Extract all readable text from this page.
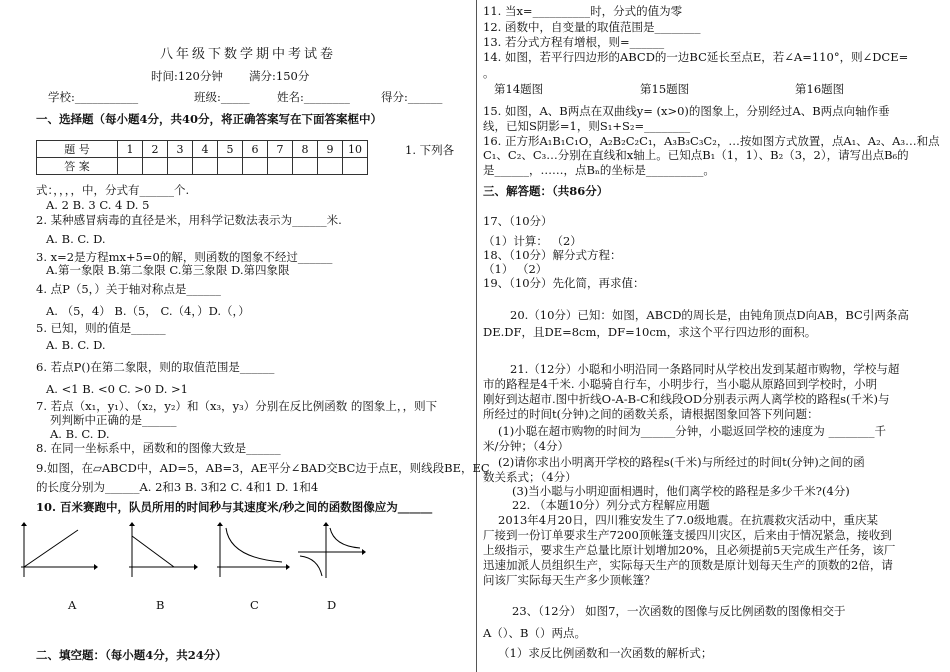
八年级下数学期中考试卷
时间:120分钟 满分:150分
学校:___________	班级:_____ 姓名:________	得分:______
一、选择题（每小题4分，共40分，将正确答案写在下面答案框中）
题 号	1	2	3	4	5	6	7	8	9	10
答 案										
1. 下列各
式：，，，，中，分式有______个.
A. 2 B. 3 C. 4 D. 5
2. 某种感冒病毒的直径是米，用科学记数法表示为______米.
A. B. C. D.
3. x=2是方程mx+5=0的解，则函数的图象不经过______
A.第一象限 B.第二象限 C.第三象限 D.第四象限
4. 点P（5，）关于轴对称点是______
A. （5，4） B.（5， C.（4，）D.（，）
5. 已知，则的值是______
A. B. C. D.
6. 若点P()在第二象限，则的取值范围是______
A. <1 B. <0 C. >0 D. >1
7. 若点（x₁，y₁）、（x₂，y₂）和（x₃，y₃）分别在反比例函数 的图象上，，则下
列判断中正确的是______
A. B. C. D.
8. 在同一坐标系中，函数和的图像大致是______
9.如图，在▱ABCD中，AD=5，AB=3，AE平分∠BAD交BC边于点E，则线段BE，EC
的长度分别为______A. 2和3 B. 3和2 C. 4和1 D. 1和4
10. 百米赛跑中，队员所用的时间秒与其速度米/秒之间的函数图像应为______
A	B	C	D
二、填空题：（每小题4分，共24分）
11. 当x=__________时，分式的值为零
12. 函数中，自变量的取值范围是________
13. 若分式方程有增根，则=______
14. 如图，若平行四边形的ABCD的一边BC延长至点E，若∠A=110°，则∠DCE=
。
第14题图	第15题图	第16题图
15. 如图，A、B两点在双曲线y= (x>0)的图象上，分别经过A、B两点向轴作垂
线，已知S阴影=1，则S₁+S₂=________
16. 正方形A₁B₁C₁O，A₂B₂C₂C₁，A₃B₃C₃C₂，…按如图方式放置，点A₁、A₂、A₃…和点
C₁、C₂、C₃…分别在直线和x轴上。已知点B₁（1，1）、B₂（3，2），请写出点B₆的
是______，……，点Bₙ的坐标是__________。
三、解答题：（共86分）
17、（10分）
（1）计算： （2）
18、（10分）解分式方程：
（1） （2）
19、（10分）先化简，再求值：
20.（10分）已知：如图，ABCD的周长是，由钝角顶点D向AB，BC引两条高
DE.DF，且DE=8cm，DF=10cm，求这个平行四边形的面积。
21.（12分）小聪和小明沿同一条路同时从学校出发到某超市购物，学校与超
市的路程是4千米. 小聪骑自行车，小明步行，当小聪从原路回到学校时，小明
刚好到达超市.图中折线O-A-B-C和线段OD分别表示两人离学校的路程s(千米)与
所经过的时间t(分钟)之间的函数关系，请根据图象回答下列问题：
(1)小聪在超市购物的时间为______分钟，小聪返回学校的速度为 ________千
米/分钟；（4分）
(2)请你求出小明离开学校的路程s(千米)与所经过的时间t(分钟)之间的函
数关系式；（4分）
(3)当小聪与小明迎面相遇时，他们离学校的路程是多少千米?(4分)
22. （本题10分）列分式方程解应用题
2013年4月20日，四川雅安发生了7.0级地震。在抗震救灾活动中，重庆某
厂接到一份订单要求生产7200顶帐篷支援四川灾区，后来由于情况紧急，接收到
上级指示，要求生产总量比原计划增加20%，且必须提前5天完成生产任务，该厂
迅速加派人员组织生产，实际每天生产的顶数是原计划每天生产的顶数的2倍，请
问该厂实际每天生产多少顶帐篷？
23、（12分） 如图7，一次函数的图像与反比例函数的图像相交于
A（）、B（）两点。
（1）求反比例函数和一次函数的解析式；
